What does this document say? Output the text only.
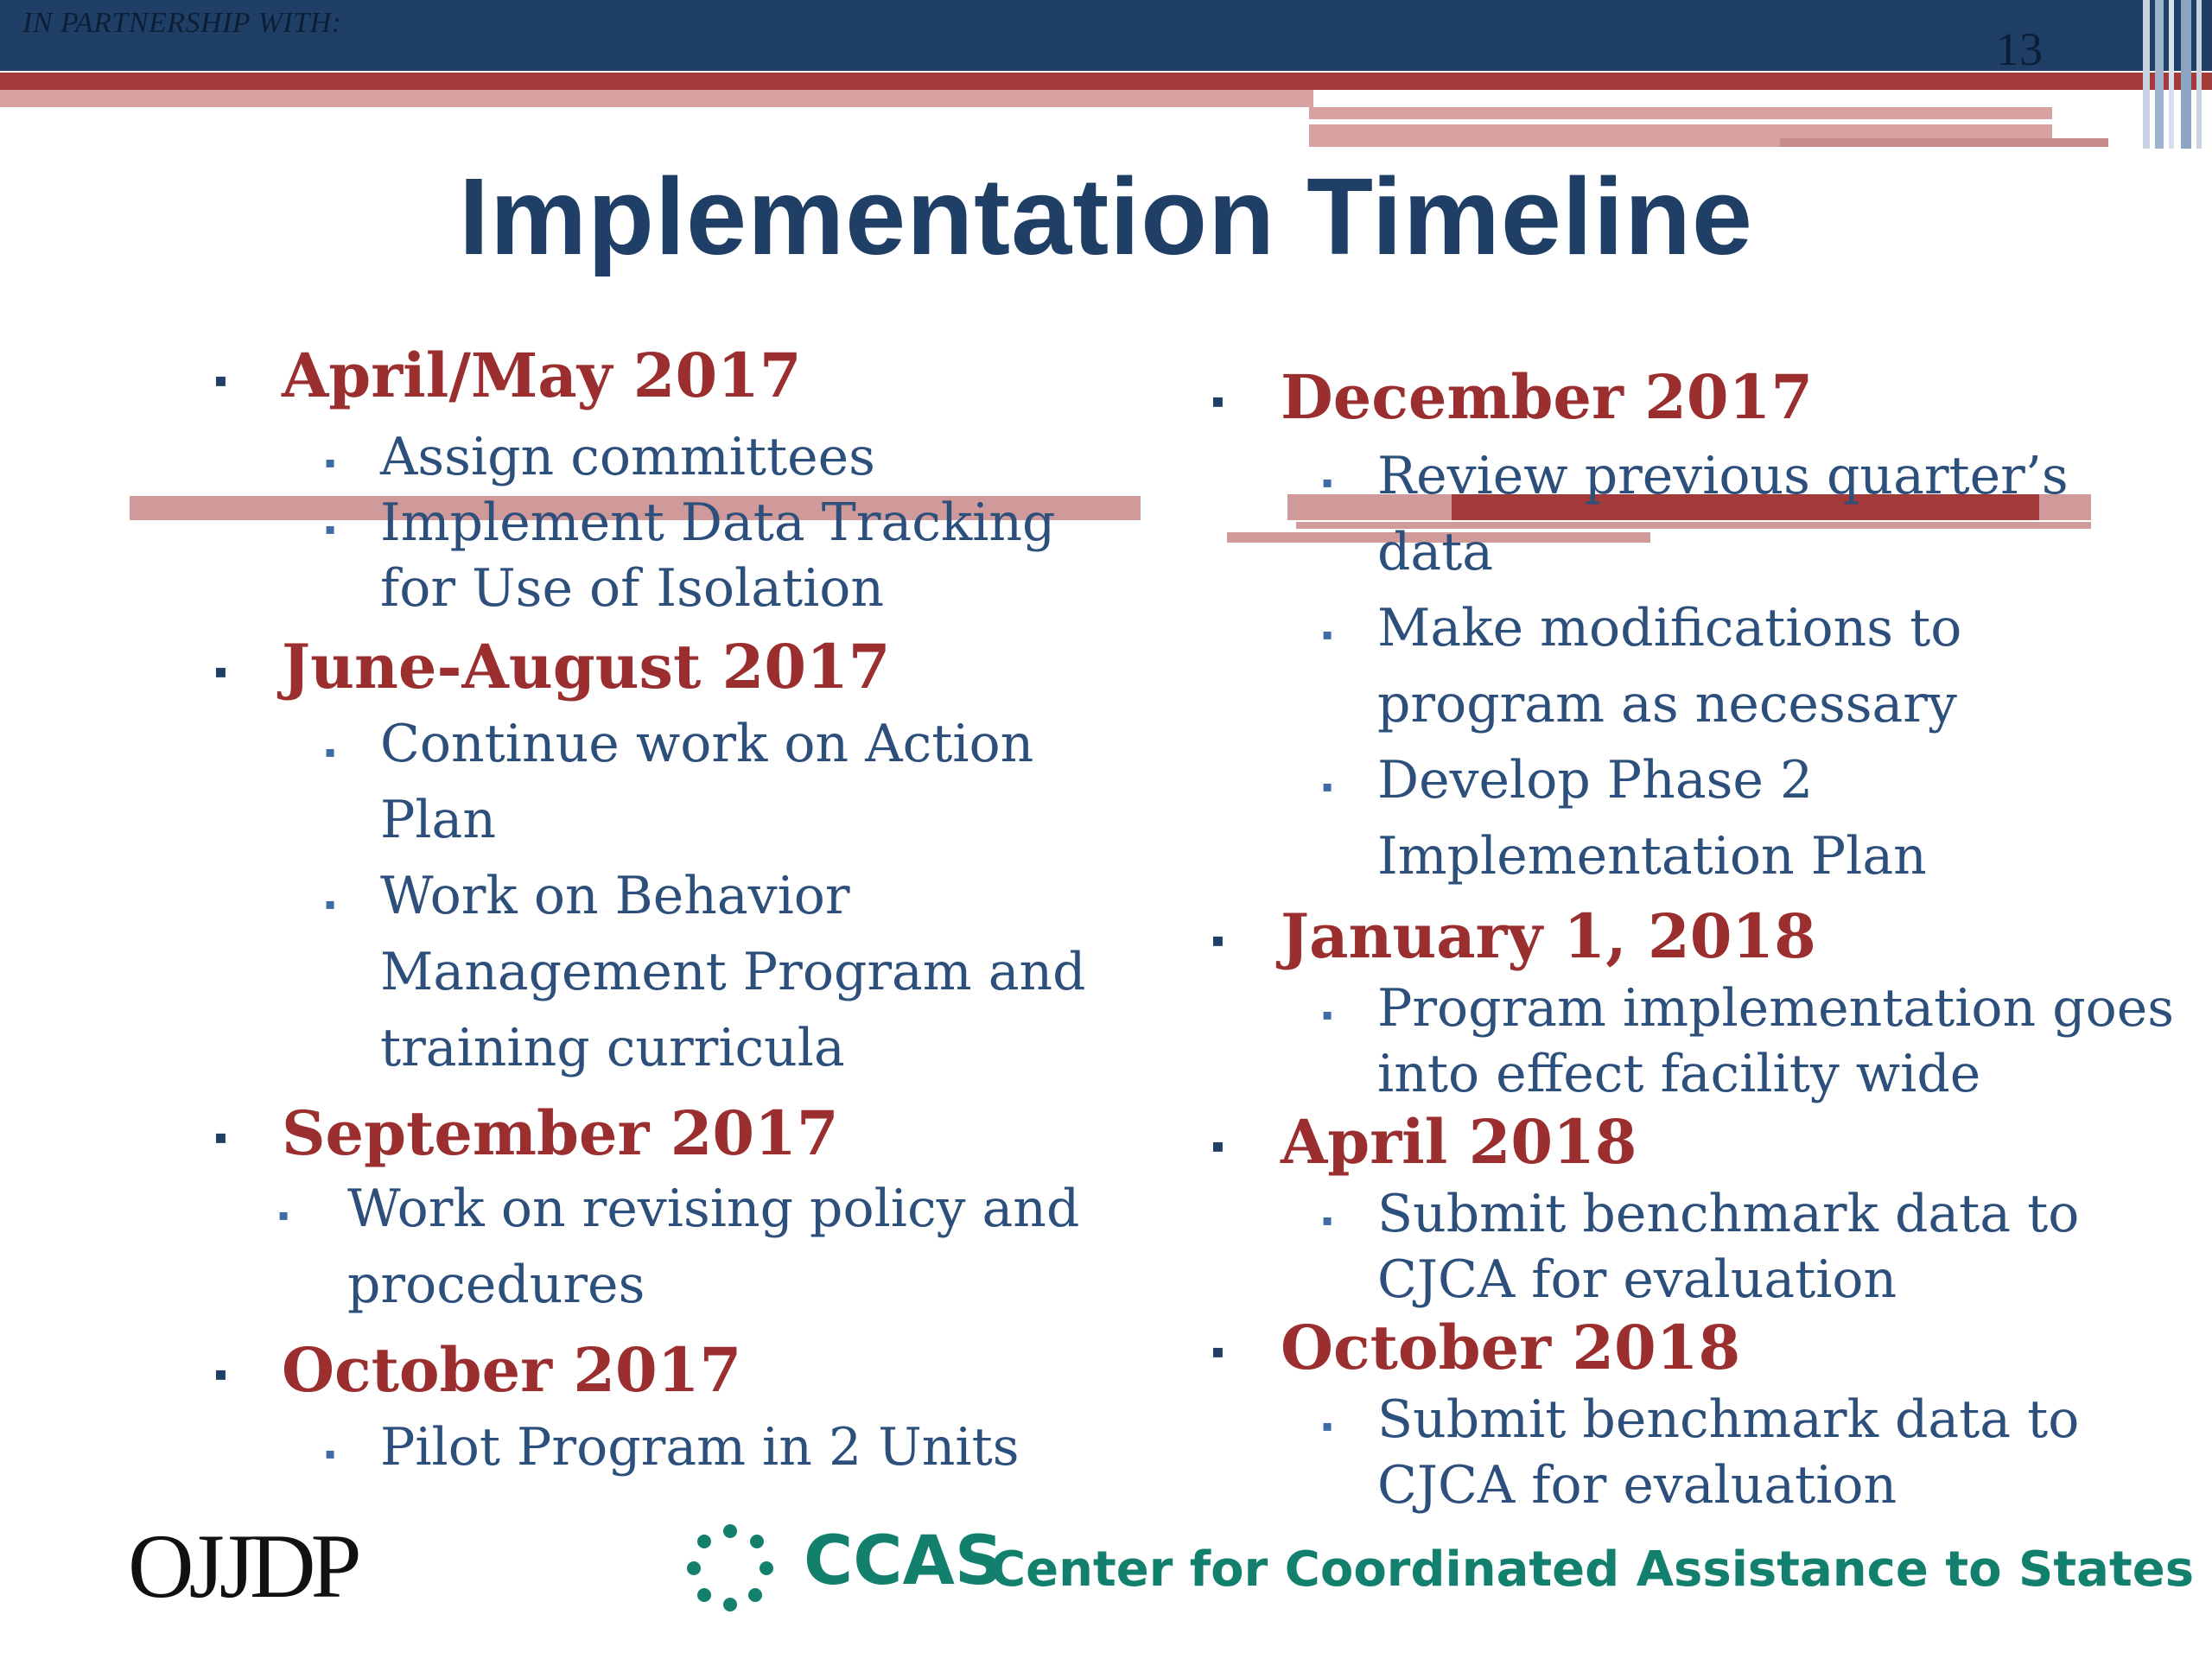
IN PARTNERSHIP WITH:
13
Implementation Timeline
▪ April/May 2017
▪ Assign committees
▪ Implement Data Tracking
for Use of Isolation
▪ June-August 2017
▪ Continue work on Action
Plan
▪ Work on Behavior
Management Program and
training curricula
▪ September 2017
▪ Work on revising policy and
procedures
▪ October 2017
▪ Pilot Program in 2 Units
▪ December 2017
▪ Review previous quarter’s
data
▪ Make modifications to
program as necessary
▪ Develop Phase 2
Implementation Plan
▪ January 1, 2018
▪ Program implementation goes
into effect facility wide
▪ April 2018
▪ Submit benchmark data to
CJCA for evaluation
▪ October 2018
▪ Submit benchmark data to
CJCA for evaluation
OJJDP	CCAS
Center for Coordinated Assistance to States
